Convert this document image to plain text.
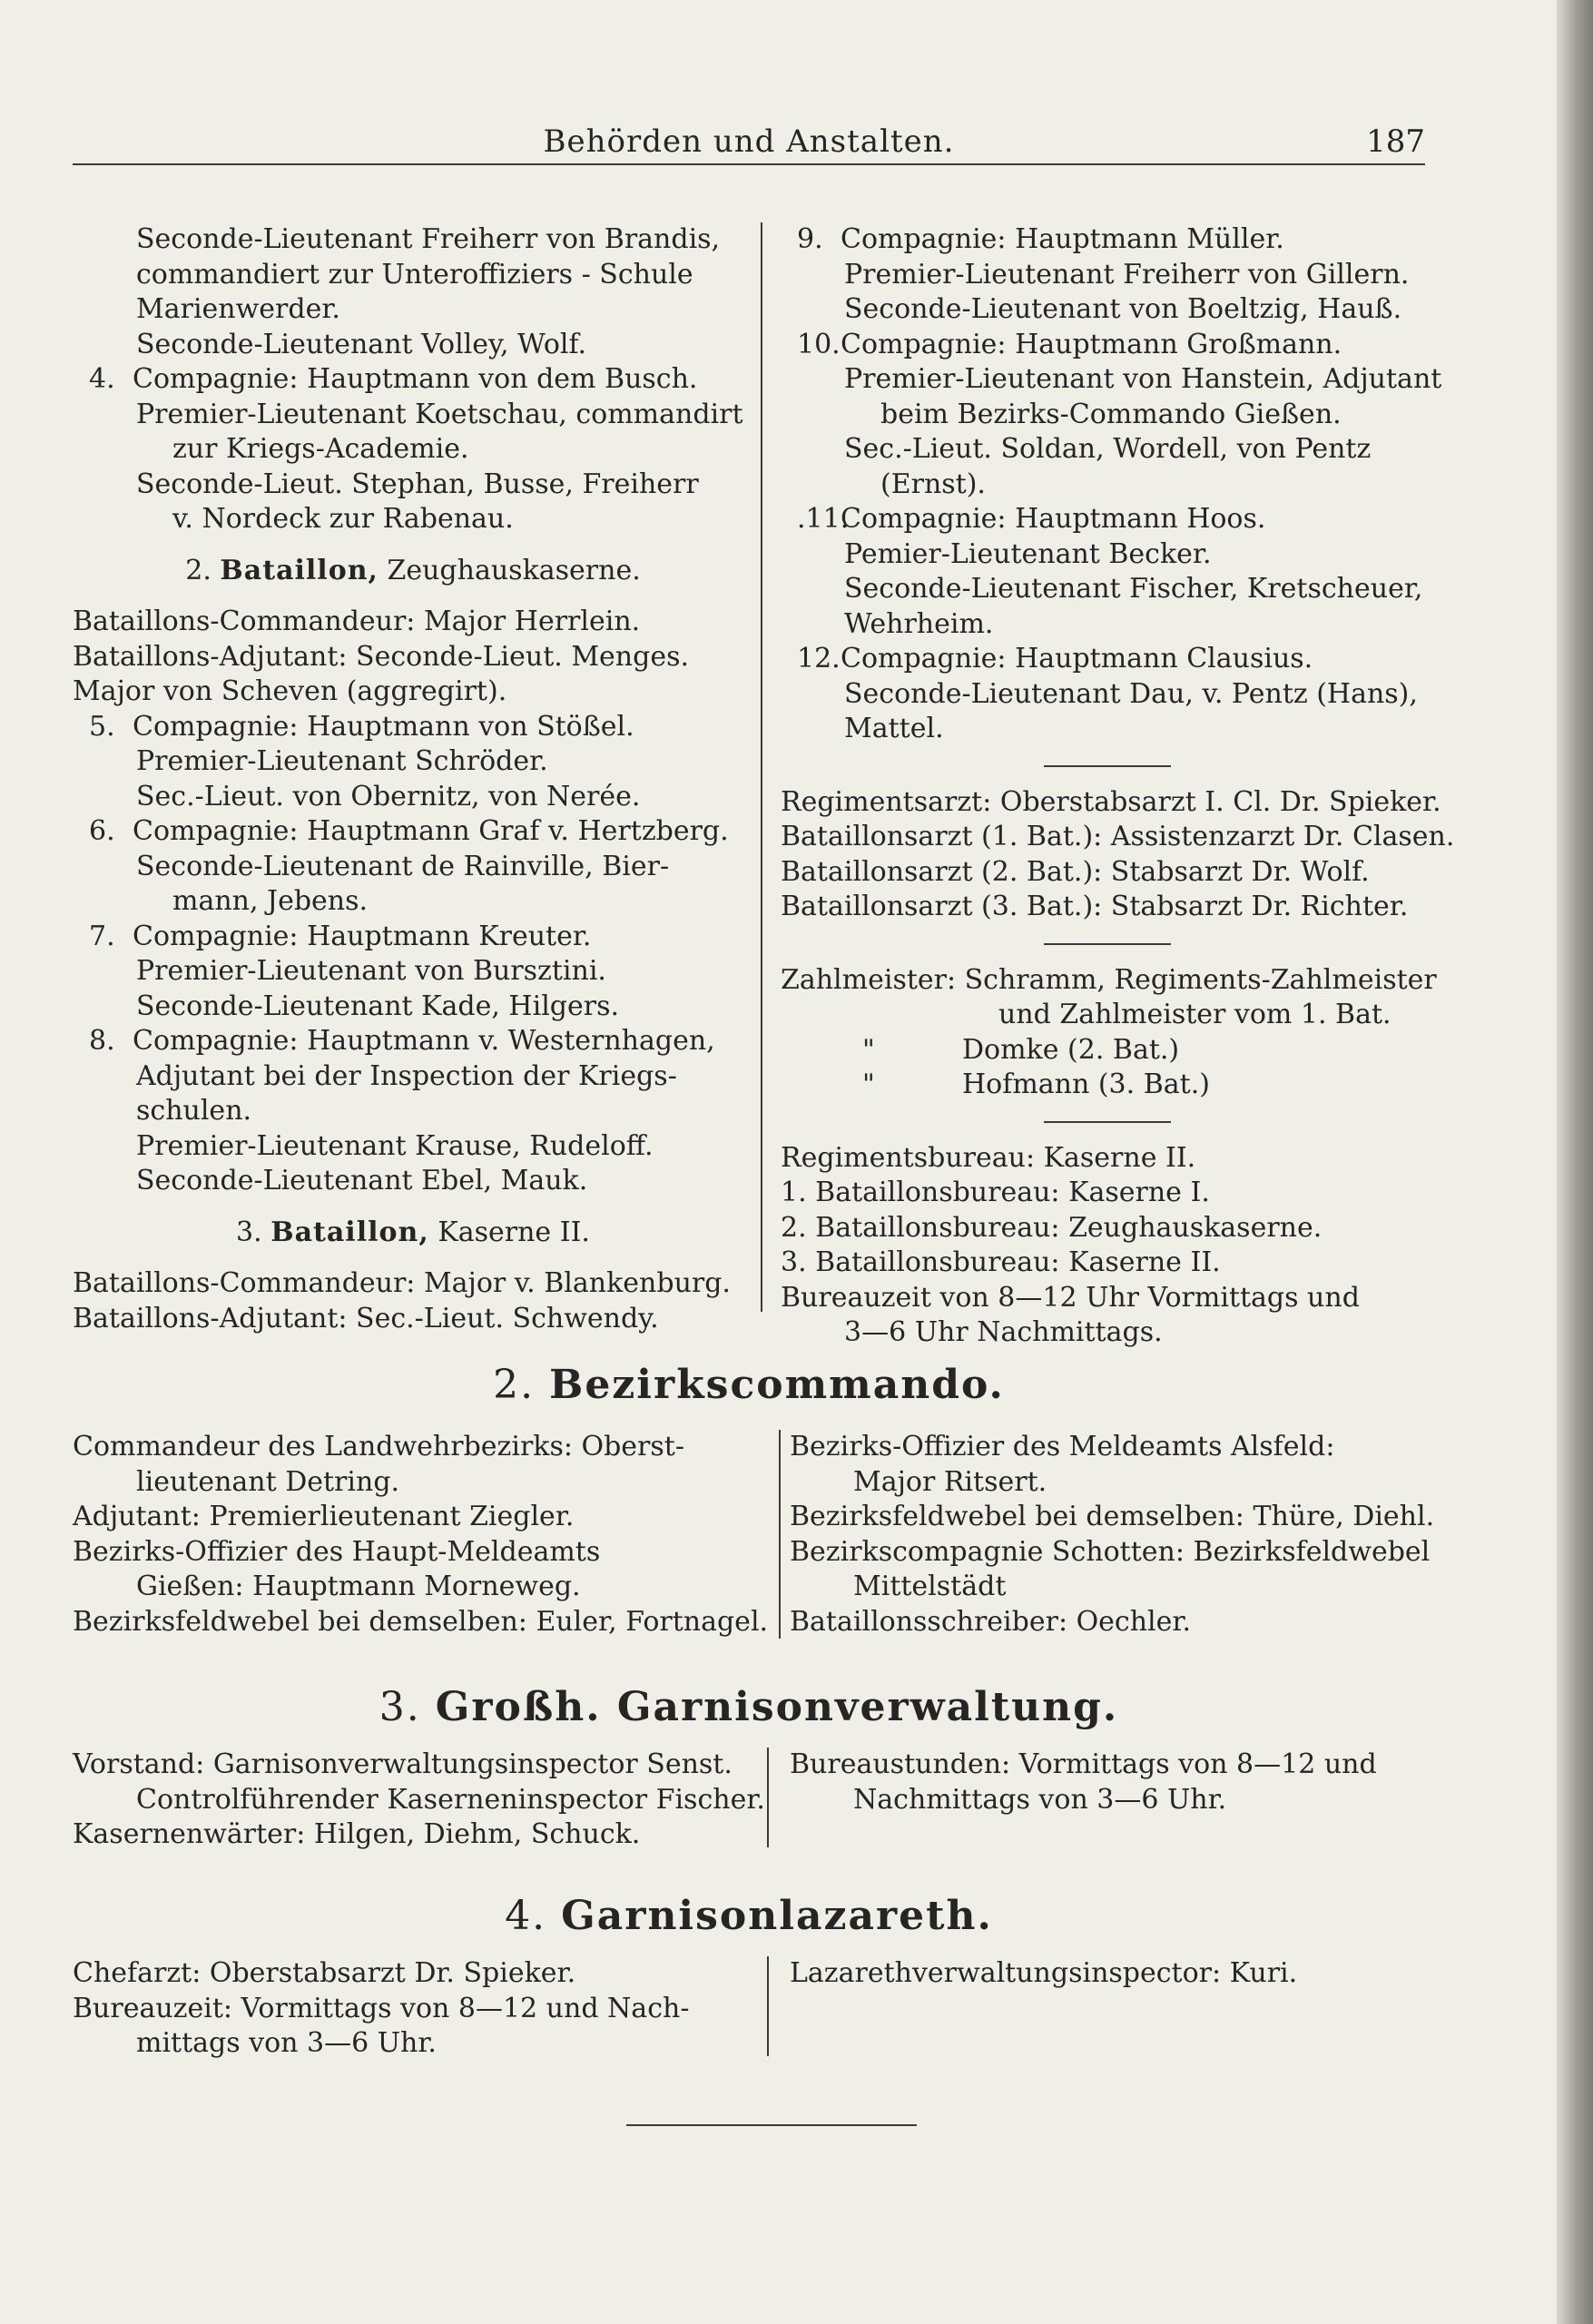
Behörden und Anstalten.	187

Seconde-Lieutenant Freiherr von Brandis,

commandiert zur Unteroffiziers - Schule

Marienwerder.

Seconde-Lieutenant Volley, Wolf.

4. Compagnie: Hauptmann von dem Busch.

Premier-Lieutenant Koetschau, commandirt

zur Kriegs-Academie.

Seconde-Lieut. Stephan, Busse, Freiherr

v. Nordeck zur Rabenau.

2. Bataillon, Zeughauskaserne.

Bataillons-Commandeur: Major Herrlein.

Bataillons-Adjutant: Seconde-Lieut. Menges.

Major von Scheven (aggregirt).

5. Compagnie: Hauptmann von Stößel.

Premier-Lieutenant Schröder.

Sec.-Lieut. von Obernitz, von Nerée.

6. Compagnie: Hauptmann Graf v. Hertzberg.

Seconde-Lieutenant de Rainville, Bier-

mann, Jebens.

7. Compagnie: Hauptmann Kreuter.

Premier-Lieutenant von Bursztini.

Seconde-Lieutenant Kade, Hilgers.

8. Compagnie: Hauptmann v. Westernhagen,

Adjutant bei der Inspection der Kriegs-

schulen.

Premier-Lieutenant Krause, Rudeloff.

Seconde-Lieutenant Ebel, Mauk.

3. Bataillon, Kaserne II.

Bataillons-Commandeur: Major v. Blankenburg.

Bataillons-Adjutant: Sec.-Lieut. Schwendy.

9. Compagnie: Hauptmann Müller.

Premier-Lieutenant Freiherr von Gillern.

Seconde-Lieutenant von Boeltzig, Hauß.

10.Compagnie: Hauptmann Großmann.

Premier-Lieutenant von Hanstein, Adjutant

beim Bezirks-Commando Gießen.

Sec.-Lieut. Soldan, Wordell, von Pentz

(Ernst).

.11.Compagnie: Hauptmann Hoos.

Pemier-Lieutenant Becker.

Seconde-Lieutenant Fischer, Kretscheuer,

Wehrheim.

12.Compagnie: Hauptmann Clausius.

Seconde-Lieutenant Dau, v. Pentz (Hans),

Mattel.

Regimentsarzt: Oberstabsarzt I. Cl. Dr. Spieker.

Bataillonsarzt (1. Bat.): Assistenzarzt Dr. Clasen.

Bataillonsarzt (2. Bat.): Stabsarzt Dr. Wolf.

Bataillonsarzt (3. Bat.): Stabsarzt Dr. Richter.

Zahlmeister: Schramm, Regiments-Zahlmeister

und Zahlmeister vom 1. Bat.

"	Domke (2. Bat.)

"	Hofmann (3. Bat.)

Regimentsbureau: Kaserne II.

1. Bataillonsbureau: Kaserne I.

2. Bataillonsbureau: Zeughauskaserne.

3. Bataillonsbureau: Kaserne II.

Bureauzeit von 8—12 Uhr Vormittags und

3—6 Uhr Nachmittags.

2. Bezirkscommando.

Commandeur des Landwehrbezirks: Oberst-

lieutenant Detring.

Adjutant: Premierlieutenant Ziegler.

Bezirks-Offizier des Haupt-Meldeamts

Gießen: Hauptmann Morneweg.

Bezirksfeldwebel bei demselben: Euler, Fortnagel.

Bezirks-Offizier des Meldeamts Alsfeld:

Major Ritsert.

Bezirksfeldwebel bei demselben: Thüre, Diehl.

Bezirkscompagnie Schotten: Bezirksfeldwebel

Mittelstädt

Bataillonsschreiber: Oechler.

3. Großh. Garnisonverwaltung.

Vorstand: Garnisonverwaltungsinspector Senst.

Controlführender Kaserneninspector Fischer.

Kasernenwärter: Hilgen, Diehm, Schuck.

Bureaustunden: Vormittags von 8—12 und

Nachmittags von 3—6 Uhr.

4. Garnisonlazareth.

Chefarzt: Oberstabsarzt Dr. Spieker.

Bureauzeit: Vormittags von 8—12 und Nach-

mittags von 3—6 Uhr.

Lazarethverwaltungsinspector: Kuri.
